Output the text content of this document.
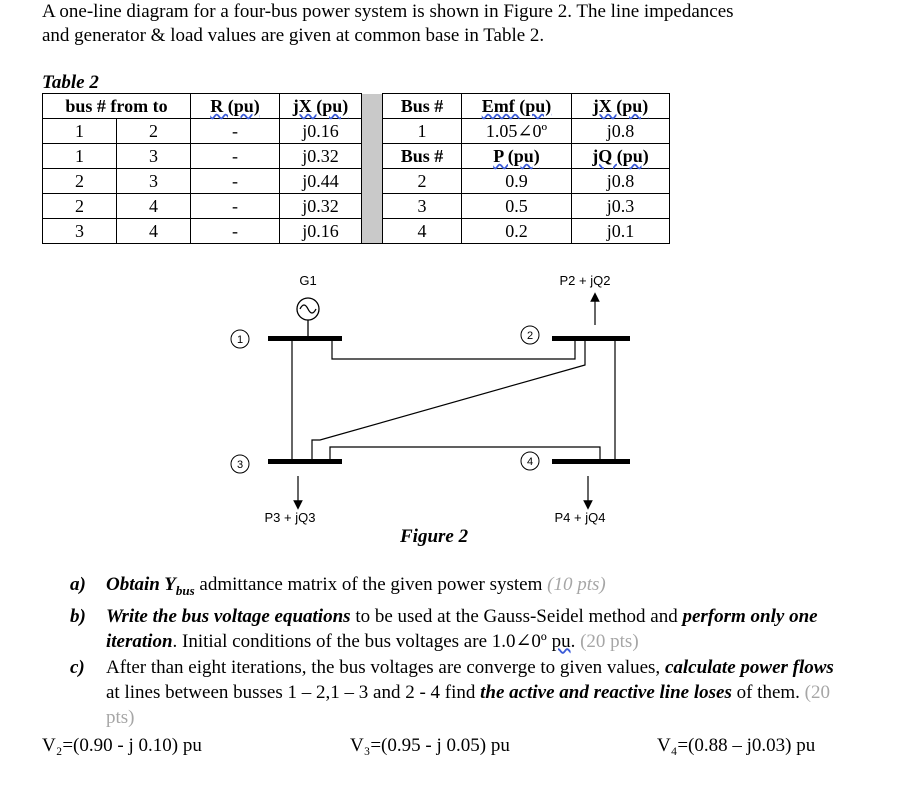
A one-line diagram for a four-bus power system is shown in Figure 2. The line impedances
and generator & load values are given at common base in Table 2.
Table 2
bus # from to		R (pu)	jX (pu)		Bus #	Emf (pu)	jX (pu)
1	2	-	j0.16		1	1.05∠0º	j0.8
1	3	-	j0.32		Bus #	P (pu)	jQ (pu)
2	3	-	j0.44		2	0.9	j0.8
2	4	-	j0.32		3	0.5	j0.3
3	4	-	j0.16		4	0.2	j0.1
G1
1	2
3	4
P2 + jQ2
P3 + jQ3	P4 + jQ4
Figure 2
a) Obtain $Y_{bus}$ admittance matrix of the given power system (10 pts)
b) Write the bus voltage equations to be used at the Gauss-Seidel method and perform only one iteration. Initial conditions of the bus voltages are 1.0∠0º pu. (20 pts)
c) After than eight iterations, the bus voltages are converge to given values, calculate power flows at lines between busses 1 – 2,1 – 3 and 2 - 4 find the active and reactive line loses of them. (20 pts)
V₂=(0.90 - j 0.10) pu	V₃=(0.95 - j 0.05) pu	V₄=(0.88 – j0.03) pu
